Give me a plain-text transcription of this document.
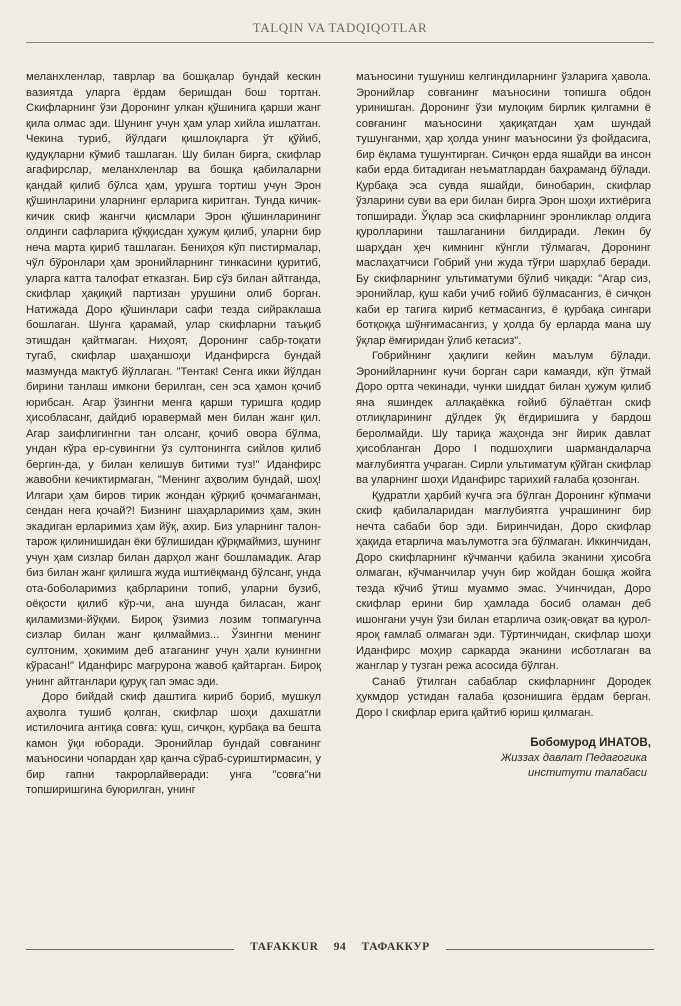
TALQIN VA TADQIQOTLAR

меланхленлар, таврлар ва бошқалар бундай кескин вазиятда уларга ёрдам беришдан бош тортган. Скифларнинг ўзи Доронинг улкан қўшинига қарши жанг қила олмас эди. Шунинг учун ҳам улар хийла ишлатган. Чекина туриб, йўлдаги қишлоқларга ўт қўйиб, қудуқларни кўмиб ташлаган. Шу билан бирга, скифлар агафирслар, меланхленлар ва бошқа қабилаларни қандай қилиб бўлса ҳам, урушга тортиш учун Эрон қўшинларини уларнинг ерларига киритган. Тунда кичик-кичик скиф жангчи қисмлари Эрон қўшинларининг олдинги сафларига қўққисдан ҳужум қилиб, уларни бир неча марта қириб ташлаган. Бениҳоя кўп пистирмалар, чўл бўронлари ҳам эронийларнинг тинкасини қуритиб, уларга катта талофат етказган. Бир сўз билан айтганда, скифлар ҳақиқий партизан урушини олиб борган. Натижада Доро қўшинлари сафи тезда сийраклаша бошлаган. Шунга қарамай, улар скифларни таъқиб этишдан қайтмаган. Ниҳоят, Доронинг сабр-тоқати тугаб, скифлар шаҳаншоҳи Иданфирсга бундай мазмунда мактуб йўллаган. "Тентак! Сенга икки йўлдан бирини танлаш имкони берилган, сен эса ҳамон қочиб юрибсан. Агар ўзингни менга қарши туришга қодир ҳисобласанг, дайдиб юравермай мен билан жанг қил. Агар заифлигингни тан олсанг, қочиб овора бўлма, ундан кўра ер-сувингни ўз султонингга сийлов қилиб бергин-да, у билан келишув битими туз!" Иданфирс жавобни кечиктирмаган, "Менинг аҳволим бундай, шоҳ! Илгари ҳам биров тирик жондан қўрқиб қочмаганман, сендан нега қочай?! Бизнинг шаҳарларимиз ҳам, экин экадиган ерларимиз ҳам йўқ, ахир. Биз уларнинг талон-тарож қилинишидан ёки бўлишидан қўрқмаймиз, шунинг учун ҳам сизлар билан дарҳол жанг бошламадик. Агар биз билан жанг қилишга жуда иштиёқманд бўлсанг, унда ота-боболаримиз қабрларини топиб, уларни бузиб, оёқости қилиб кўр-чи, ана шунда биласан, жанг қиламизми-йўқми. Бироқ ўзимиз лозим топмагунча сизлар билан жанг қилмаймиз... Ўзингни менинг султоним, ҳокимим деб атаганинг учун ҳали кунингни кўрасан!" Иданфирс мағрурона жавоб қайтарган. Бироқ унинг айтганлари қуруқ гап эмас эди.

Доро бийдай скиф даштига кириб бориб, мушкул аҳволга тушиб қолган, скифлар шоҳи дахшатли истилочига антиқа совға: қуш, сичқон, қурбақа ва бешта камон ўқи юборади. Эронийлар бундай совғанинг маъносини чопардан ҳар қанча сўраб-суриштирмасин, у бир гапни такрорлайверади: унга "совға"ни топширишгина буюрилган, унинг

маъносини тушуниш келгиндиларнинг ўзларига ҳавола. Эронийлар совғанинг маъносини топишга обдон уринишган. Доронинг ўзи мулоқим бирлик қилгамни ё совғанинг маъносини ҳақиқатдан ҳам шундай тушунганми, ҳар ҳолда унинг маъносини ўз фойдасига, бир ёқлама тушунтирган. Сичқон ерда яшайди ва инсон каби ерда битадиган неъматлардан баҳраманд бўлади. Қурбақа эса сувда яшайди, бинобарин, скифлар ўзларини суви ва ери билан бирга Эрон шоҳи ихтиёрига топширади. Ўқлар эса скифларнинг эронликлар олдига қуролларини ташлаганини билдиради. Лекин бу шарҳдан ҳеч кимнинг кўнгли тўлмагач, Доронинг маслаҳатчиси Гобрий уни жуда тўғри шарҳлаб беради. Бу скифларнинг ультиматуми бўлиб чиқади: "Агар сиз, эронийлар, қуш каби учиб ғойиб бўлмасангиз, ё сичқон каби ер тагига кириб кетмасангиз, ё қурбақа сингари ботқоққа шўнғимасангиз, у ҳолда бу ерларда мана шу ўқлар ёмғиридан ўлиб кетасиз".

Гобрийнинг ҳақлиги кейин маълум бўлади. Эронийларнинг кучи борган сари камаяди, кўп ўтмай Доро ортга чекинади, чунки шиддат билан ҳужум қилиб яна яшиндек аллақаёкка ғойиб бўлаётган скиф отлиқларининг дўлдек ўқ ёғдиришига у бардош беролмайди. Шу тариқа жаҳонда энг йирик давлат ҳисобланган Доро I подшоҳлиги шармандаларча мағлубиятга учраган. Сирли ультиматум қўйган скифлар ва уларнинг шоҳи Иданфирс тарихий ғалаба қозонган.

Қудратли ҳарбий кучга эга бўлган Доронинг кўпмачи скиф қабилаларидан мағлубиятга учрашининг бир нечта сабаби бор эди. Биринчидан, Доро скифлар ҳақида етарлича маълумотга эга бўлмаган. Иккинчидан, Доро скифларнинг кўчманчи қабила эканини ҳисобга олмаган, кўчманчилар учун бир жойдан бошқа жойга тезда кўчиб ўтиш муаммо эмас. Учинчидан, Доро скифлар ерини бир ҳамлада босиб оламан деб ишонгани учун ўзи билан етарлича озиқ-овқат ва қурол-яроқ ғамлаб олмаган эди. Тўртинчидан, скифлар шоҳи Иданфирс моҳир саркарда эканини исботлаган ва жанглар у тузган режа асосида бўлган.

Санаб ўтилган сабаблар скифларнинг Дородек ҳукмдор устидан ғалаба қозонишига ёрдам берган. Доро I скифлар ерига қайтиб юриш қилмаган.

Бобомурод ИНАТОВ,
Жиззах давлат Педагогика
институти талабаси
TAFAKKUR 94 ТАФАККУР
